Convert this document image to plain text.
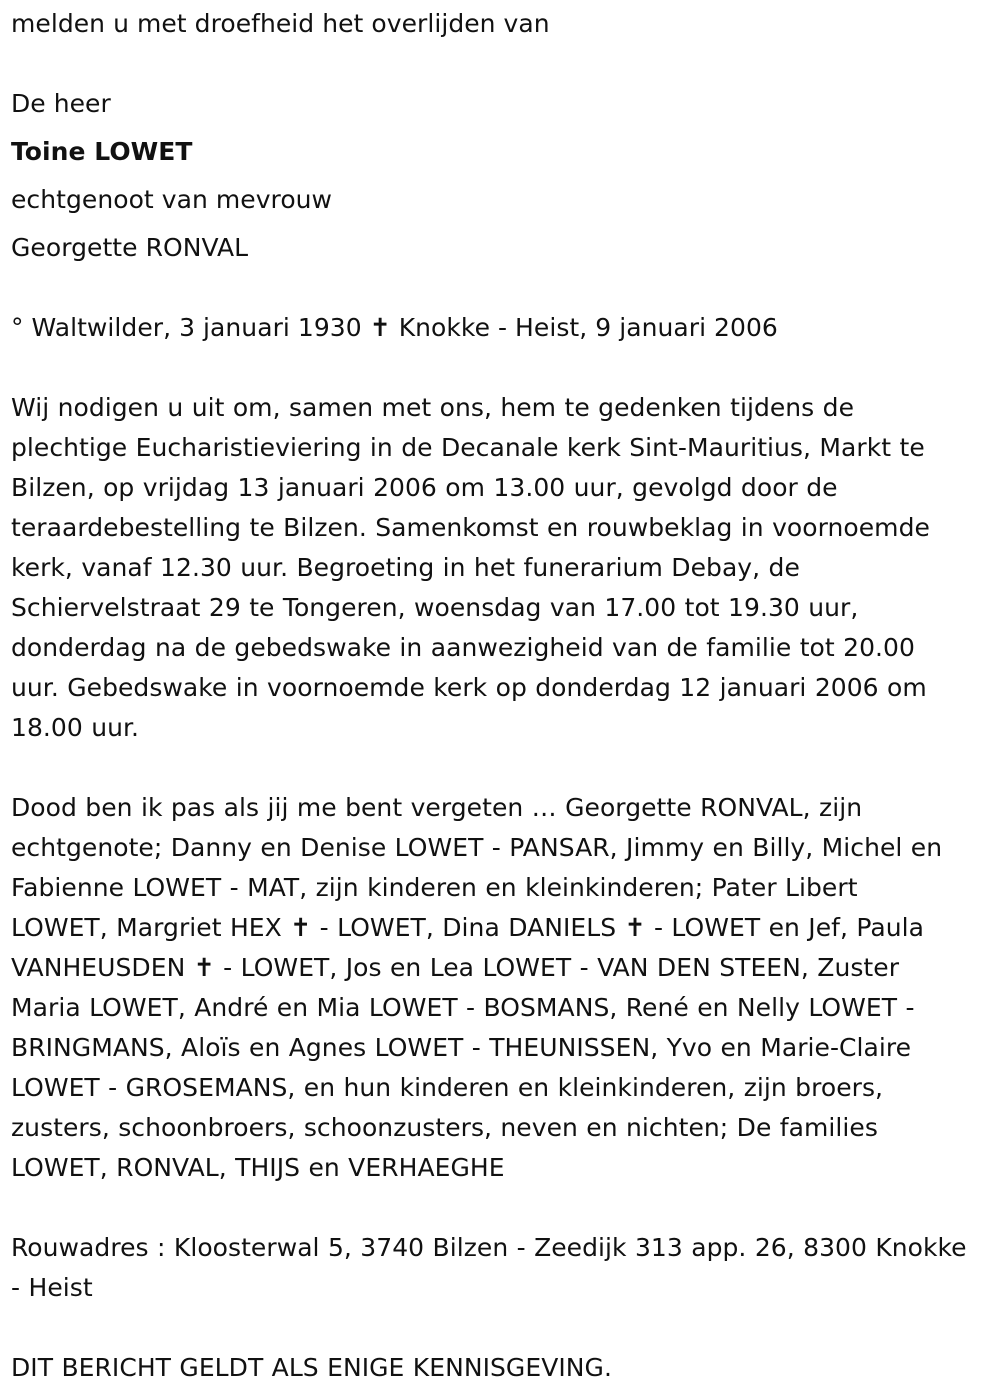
melden u met droefheid het overlijden van

De heer

Toine LOWET

echtgenoot van mevrouw

Georgette RONVAL

° Waltwilder, 3 januari 1930 ✝ Knokke - Heist, 9 januari 2006

Wij nodigen u uit om, samen met ons, hem te gedenken tijdens de

plechtige Eucharistieviering in de Decanale kerk Sint-Mauritius, Markt te

Bilzen, op vrijdag 13 januari 2006 om 13.00 uur, gevolgd door de

teraardebestelling te Bilzen. Samenkomst en rouwbeklag in voornoemde

kerk, vanaf 12.30 uur. Begroeting in het funerarium Debay, de

Schiervelstraat 29 te Tongeren, woensdag van 17.00 tot 19.30 uur,

donderdag na de gebedswake in aanwezigheid van de familie tot 20.00

uur. Gebedswake in voornoemde kerk op donderdag 12 januari 2006 om

18.00 uur.

Dood ben ik pas als jij me bent vergeten … Georgette RONVAL, zijn

echtgenote; Danny en Denise LOWET - PANSAR, Jimmy en Billy, Michel en

Fabienne LOWET - MAT, zijn kinderen en kleinkinderen; Pater Libert

LOWET, Margriet HEX ✝ - LOWET, Dina DANIELS ✝ - LOWET en Jef, Paula

VANHEUSDEN ✝ - LOWET, Jos en Lea LOWET - VAN DEN STEEN, Zuster

Maria LOWET, André en Mia LOWET - BOSMANS, René en Nelly LOWET -

BRINGMANS, Aloïs en Agnes LOWET - THEUNISSEN, Yvo en Marie-Claire

LOWET - GROSEMANS, en hun kinderen en kleinkinderen, zijn broers,

zusters, schoonbroers, schoonzusters, neven en nichten; De families

LOWET, RONVAL, THIJS en VERHAEGHE

Rouwadres : Kloosterwal 5, 3740 Bilzen - Zeedijk 313 app. 26, 8300 Knokke

- Heist

DIT BERICHT GELDT ALS ENIGE KENNISGEVING.
